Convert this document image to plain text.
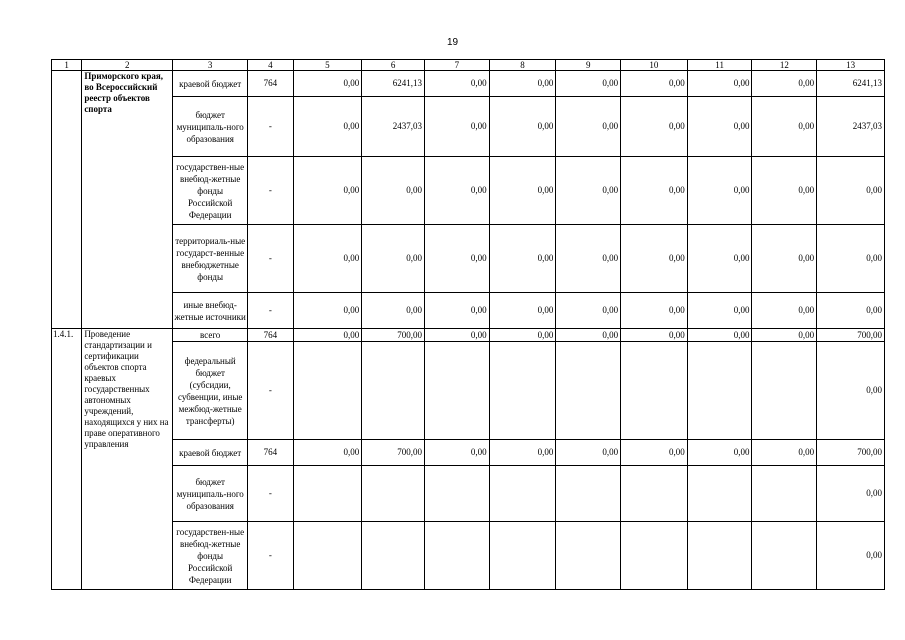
19
1	2	3	4	5	6	7	8	9	10	11	12	13
	Приморского края, во Всероссийский реестр объектов спорта	краевой бюджет	764	0,00	6241,13	0,00	0,00	0,00	0,00	0,00	0,00	6241,13
		бюджет муниципаль-ного образования	-	0,00	2437,03	0,00	0,00	0,00	0,00	0,00	0,00	2437,03
		государствен-ные внебюд-жетные фонды Российской Федерации	-	0,00	0,00	0,00	0,00	0,00	0,00	0,00	0,00	0,00
		территориаль-ные государст-венные внебюджетные фонды	-	0,00	0,00	0,00	0,00	0,00	0,00	0,00	0,00	0,00
		иные внебюд-жетные источники	-	0,00	0,00	0,00	0,00	0,00	0,00	0,00	0,00	0,00
1.4.1.	Проведение стандартизации и сертификации объектов спорта краевых государственных автономных учреждений, находящихся у них на праве оперативного управления	всего	764	0,00	700,00	0,00	0,00	0,00	0,00	0,00	0,00	700,00
		федеральный бюджет (субсидии, субвенции, иные межбюд-жетные трансферты)	-									0,00
		краевой бюджет	764	0,00	700,00	0,00	0,00	0,00	0,00	0,00	0,00	700,00
		бюджет муниципаль-ного образования	-									0,00
		государствен-ные внебюд-жетные фонды Российской Федерации	-									0,00
